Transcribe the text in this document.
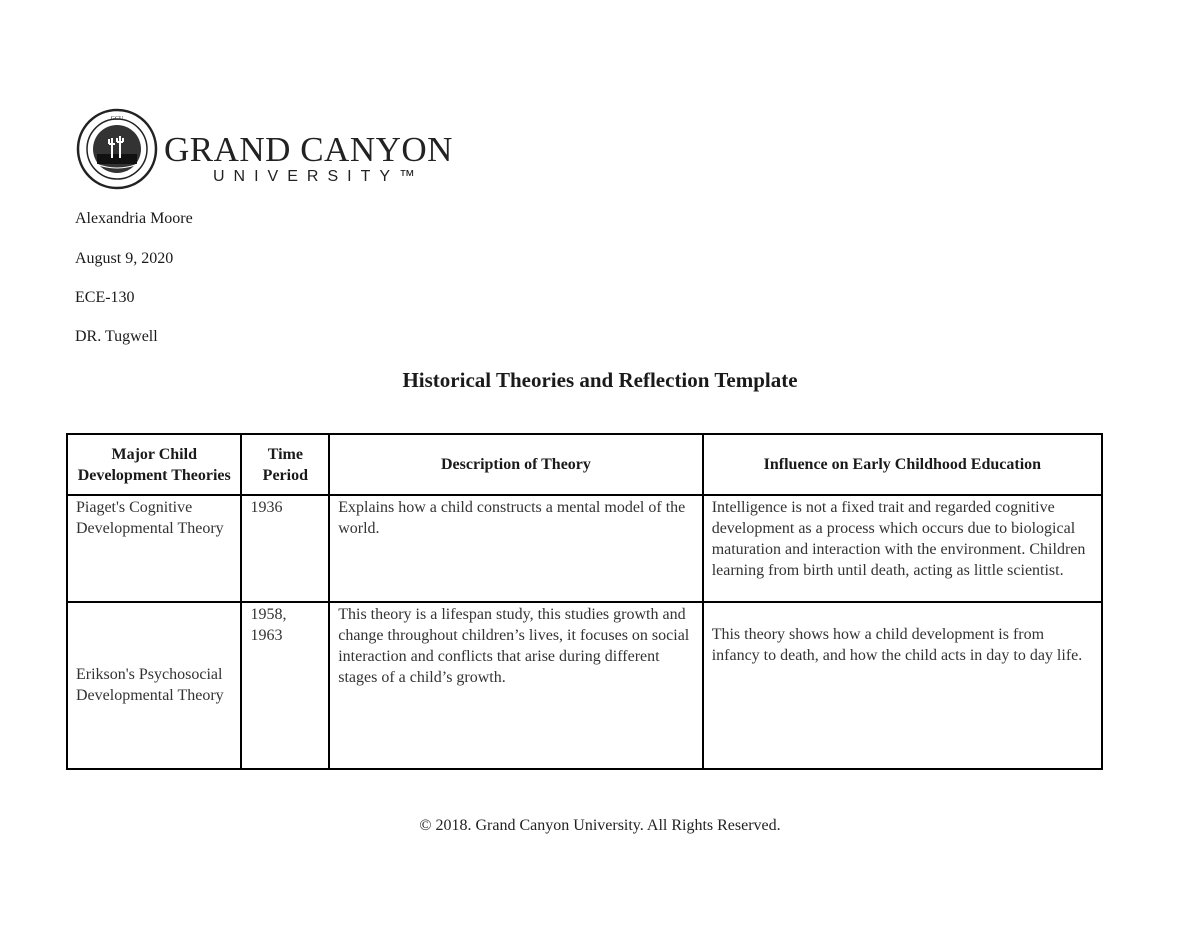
GCU
GRAND CANYON
UNIVERSITY™
Alexandria Moore
August 9, 2020
ECE-130
DR. Tugwell
Historical Theories and Reflection Template
Major Child Development Theories	Time Period	Description of Theory	Influence on Early Childhood Education
Piaget's Cognitive Developmental Theory	1936	Explains how a child constructs a mental model of the world.	Intelligence is not a fixed trait and regarded cognitive development as a process which occurs due to biological maturation and interaction with the environment. Children learning from birth until death, acting as little scientist.
Erikson's Psychosocial Developmental Theory	1958, 1963	This theory is a lifespan study, this studies growth and change throughout children’s lives, it focuses on social interaction and conflicts that arise during different stages of a child’s growth.	This theory shows how a child development is from infancy to death, and how the child acts in day to day life.
© 2018. Grand Canyon University. All Rights Reserved.
